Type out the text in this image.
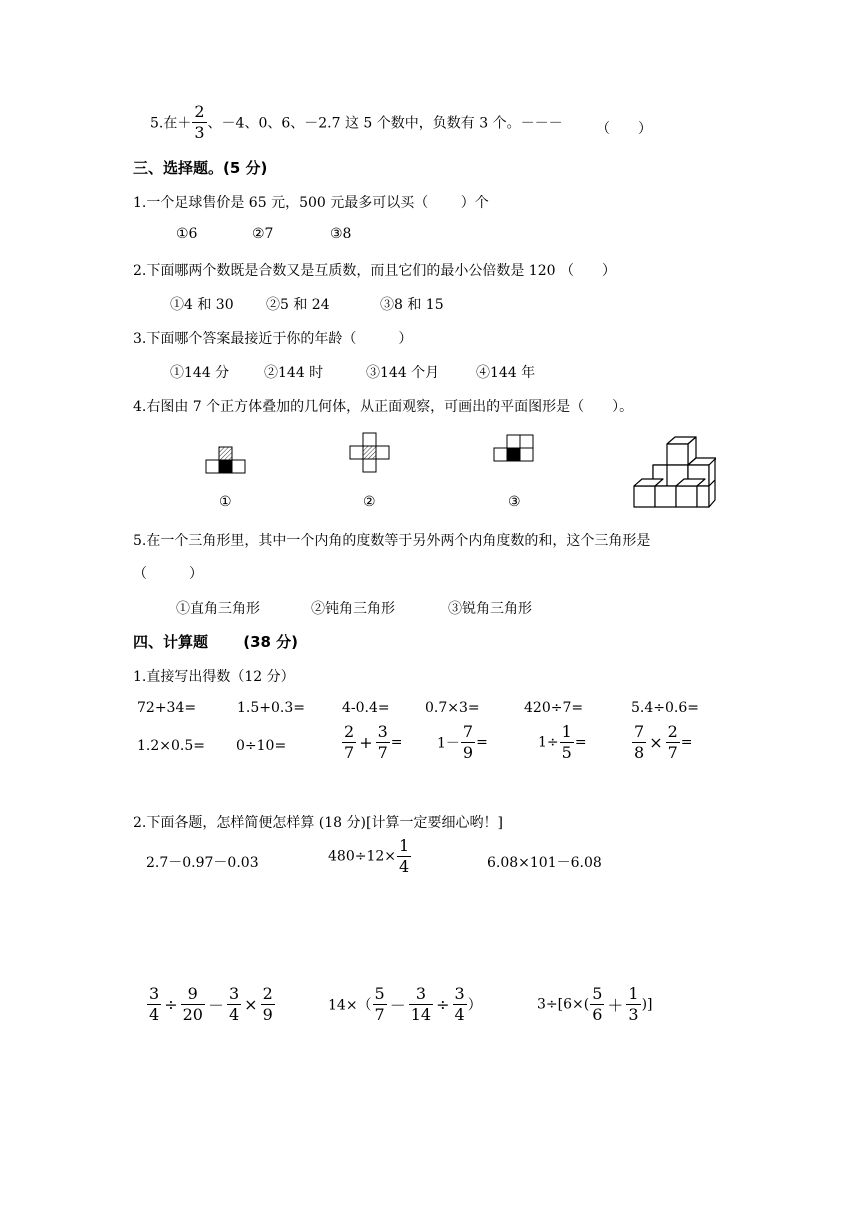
5.在＋ $\frac{2}{3}$ 、－4、0、6、－2.7 这 5 个数中，负数有 3 个。－－－ （　　）
三、选择题。(5 分)
1.一个足球售价是 65 元，500 元最多可以买（　　 ）个
①6	②7	③8
2.下面哪两个数既是合数又是互质数，而且它们的最小公倍数是 120 （　　）
①4 和 30 ②5 和 24	③8 和 15
3.下面哪个答案最接近于你的年龄（　　　）
①144 分 ②144 时	③144 个月	④144 年
4.右图由 7 个正方体叠加的几何体，从正面观察，可画出的平面图形是（　　）。
①	②	③
5.在一个三角形里，其中一个内角的度数等于另外两个内角度数的和，这个三角形是
（　　　）
①直角三角形	②钝角三角形	③锐角三角形
四、计算题　　 (38 分)
1.直接写出得数（12 分）
72+34=	1.5+0.3=	4-0.4=	0.7×3=	420÷7=	5.4÷0.6=
1.2×0.5= 0÷10=	$\frac{2}{7} + \frac{3}{7} = 1- \frac{7}{9}$ =	$1\div \frac{1}{5}$ =	$\frac{7}{8} \times \frac{2}{7}$ =
2.下面各题，怎样简便怎样算 (18 分)[计算一定要细心哟！]
2.7－0.97－0.03	$480\div 12\times \frac{1}{4}$	6.08×101－6.08
$\frac{3}{4} \div \frac{9}{20} - \frac{3}{4} \times \frac{2}{9}$	$14\times( \frac{5}{7} - \frac{3}{14} \div \frac{3}{4}$ ）	$3\div[6\times( \frac{5}{6} + \frac{1}{3}$ )]
